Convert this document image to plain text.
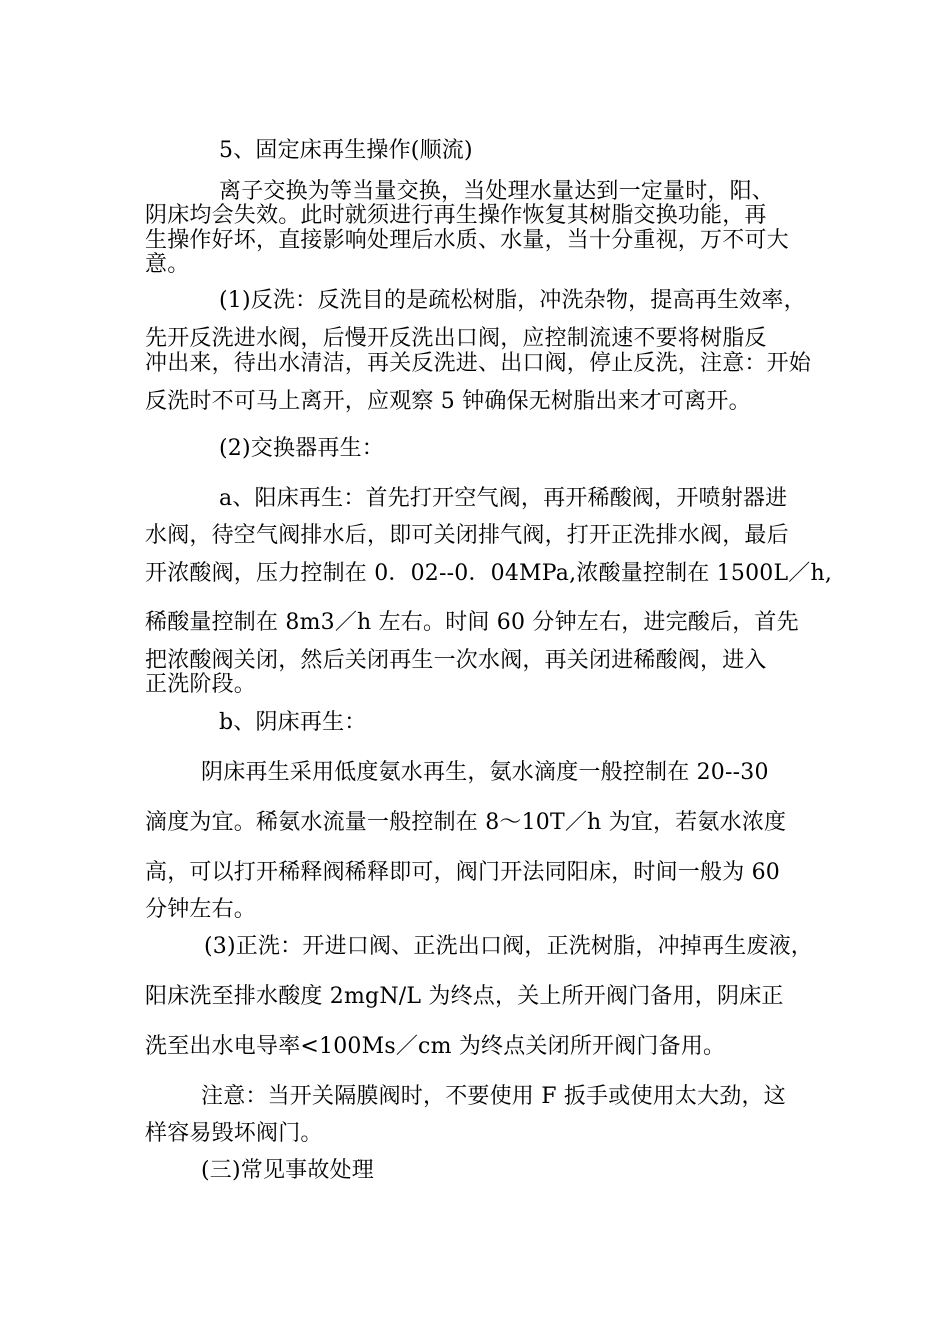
5、固定床再生操作(顺流)
离子交换为等当量交换，当处理水量达到一定量时，阳、
阴床均会失效。此时就须进行再生操作恢复其树脂交换功能，再
生操作好坏，直接影响处理后水质、水量，当十分重视，万不可大
意。
(1)反洗：反洗目的是疏松树脂，冲洗杂物，提高再生效率，
先开反洗进水阀，后慢开反洗出口阀，应控制流速不要将树脂反
冲出来，待出水清洁，再关反洗进、出口阀，停止反洗，注意：开始
反洗时不可马上离开，应观察 5 钟确保无树脂出来才可离开。
(2)交换器再生：
a、阳床再生：首先打开空气阀，再开稀酸阀，开喷射器进
水阀，待空气阀排水后，即可关闭排气阀，打开正洗排水阀，最后
开浓酸阀，压力控制在 0．02--0．04MPa,浓酸量控制在 1500L／h,
稀酸量控制在 8m3／h 左右。时间 60 分钟左右，进完酸后，首先
把浓酸阀关闭，然后关闭再生一次水阀，再关闭进稀酸阀，进入
正洗阶段。
b、阴床再生：
阴床再生采用低度氨水再生，氨水滴度一般控制在 20--30
滴度为宜。稀氨水流量一般控制在 8～10T／h 为宜，若氨水浓度
高，可以打开稀释阀稀释即可，阀门开法同阳床，时间一般为 60
分钟左右。
(3)正洗：开进口阀、正洗出口阀，正洗树脂，冲掉再生废液，
阳床洗至排水酸度 2mgN/L 为终点，关上所开阀门备用，阴床正
洗至出水电导率<100Ms／cm 为终点关闭所开阀门备用。
注意：当开关隔膜阀时，不要使用 F 扳手或使用太大劲，这
样容易毁坏阀门。
(三)常见事故处理
